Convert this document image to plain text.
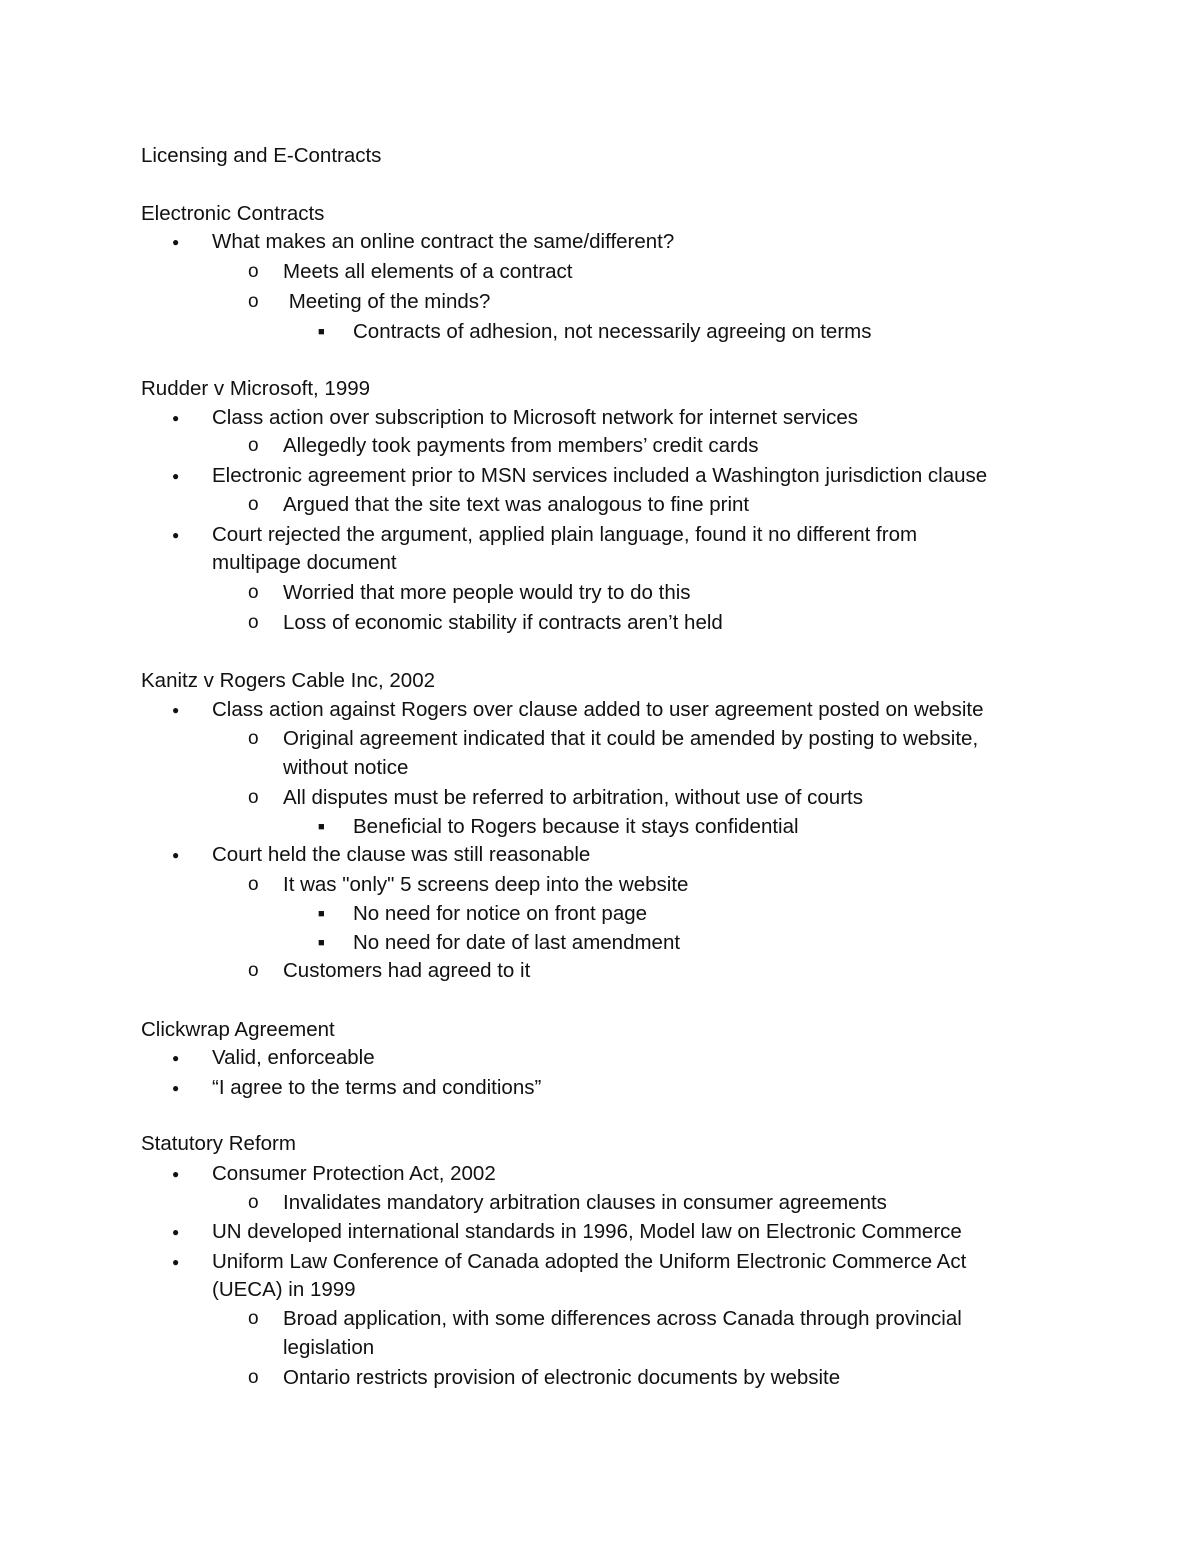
Licensing and E-Contracts
Electronic Contracts
● What makes an online contract the same/different?
o Meets all elements of a contract
o Meeting of the minds?
■ Contracts of adhesion, not necessarily agreeing on terms
Rudder v Microsoft, 1999
● Class action over subscription to Microsoft network for internet services
o Allegedly took payments from members’ credit cards
● Electronic agreement prior to MSN services included a Washington jurisdiction clause
o Argued that the site text was analogous to fine print
● Court rejected the argument, applied plain language, found it no different from
multipage document
o Worried that more people would try to do this
o Loss of economic stability if contracts aren’t held
Kanitz v Rogers Cable Inc, 2002
● Class action against Rogers over clause added to user agreement posted on website
o Original agreement indicated that it could be amended by posting to website,
without notice
o All disputes must be referred to arbitration, without use of courts
■ Beneficial to Rogers because it stays confidential
● Court held the clause was still reasonable
o It was "only" 5 screens deep into the website
■ No need for notice on front page
■ No need for date of last amendment
o Customers had agreed to it
Clickwrap Agreement
● Valid, enforceable
● “I agree to the terms and conditions”
Statutory Reform
● Consumer Protection Act, 2002
o Invalidates mandatory arbitration clauses in consumer agreements
● UN developed international standards in 1996, Model law on Electronic Commerce
● Uniform Law Conference of Canada adopted the Uniform Electronic Commerce Act
(UECA) in 1999
o Broad application, with some differences across Canada through provincial
legislation
o Ontario restricts provision of electronic documents by website
